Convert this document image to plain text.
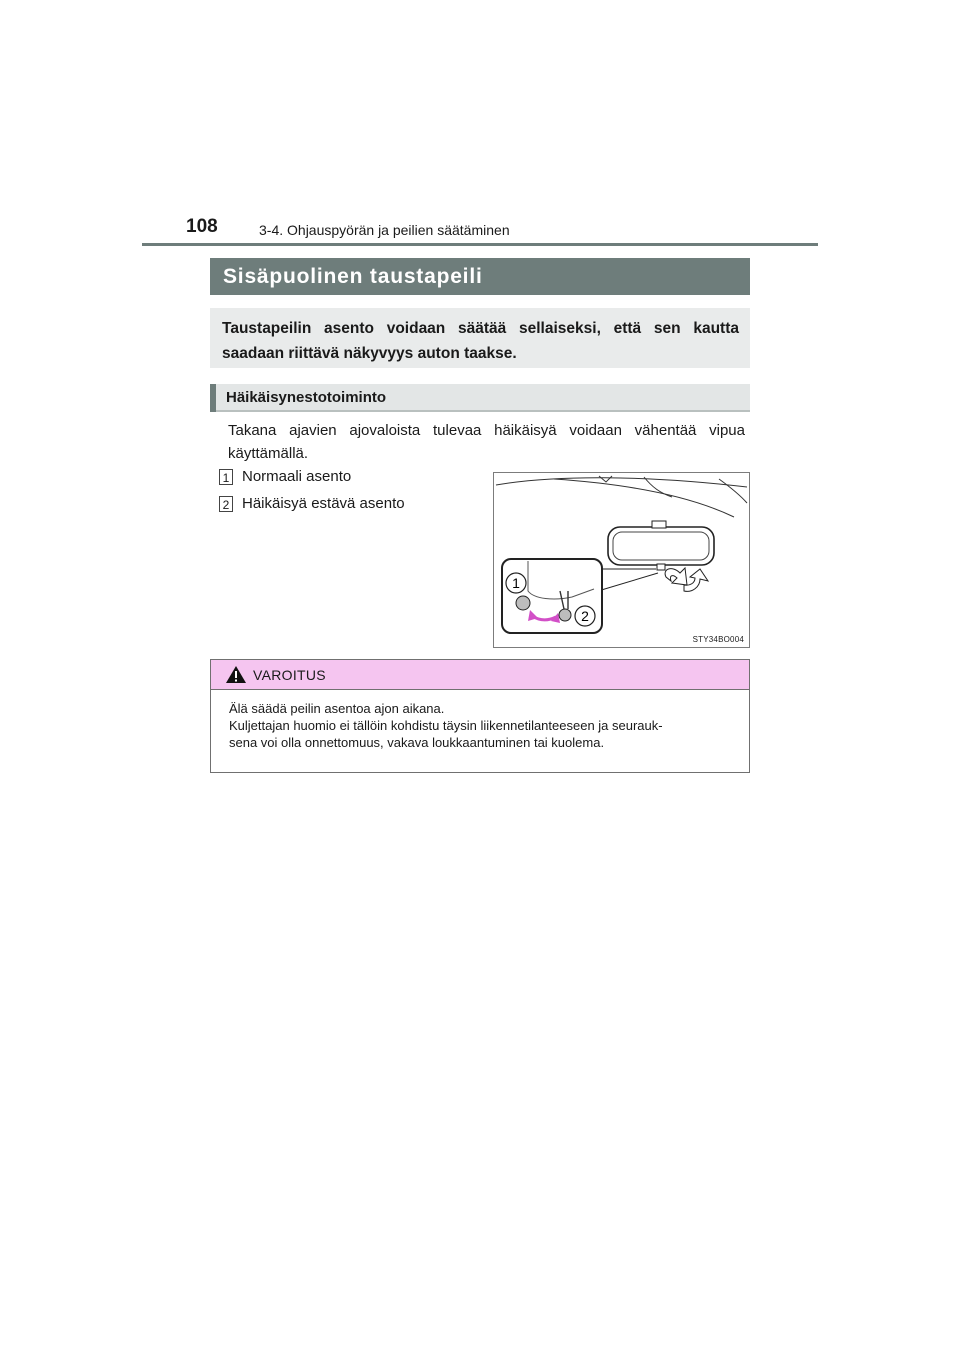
108	3-4. Ohjauspyörän ja peilien säätäminen
Sisäpuolinen taustapeili
Taustapeilin asento voidaan säätää sellaiseksi, että sen kautta saadaan riittävä näkyvyys auton taakse.
Häikäisynestotoiminto

Takana ajavien ajovaloista tulevaa häikäisyä voidaan vähentää vipua käyttämällä.

1 Normaali asento
2 Häikäisyä estävä asento
1
2
STY34BO004
VAROITUS

Älä säädä peilin asentoa ajon aikana.

Kuljettajan huomio ei tällöin kohdistu täysin liikennetilanteeseen ja seurauk-

sena voi olla onnettomuus, vakava loukkaantuminen tai kuolema.
